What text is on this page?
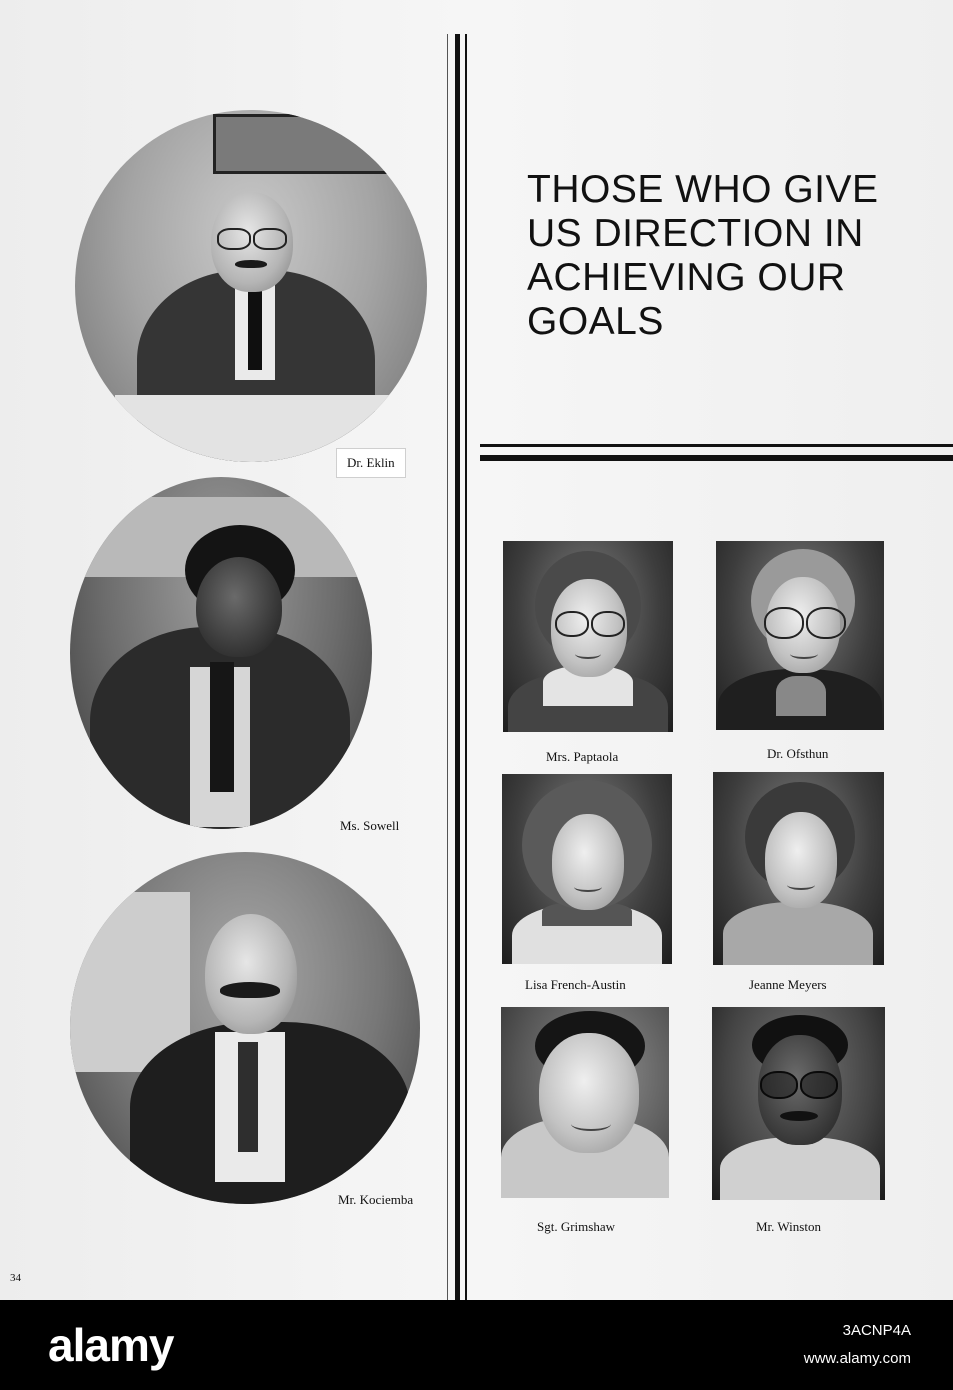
THOSE WHO GIVE US DIRECTION IN ACHIEVING OUR GOALS
Dr. Eklin
Ms. Sowell
Mr. Kociemba
Mrs. Paptaola	Dr. Ofsthun
Lisa French-Austin	Jeanne Meyers
Sgt. Grimshaw	Mr. Winston
34
alamy	3ACNP4A
www.alamy.com
